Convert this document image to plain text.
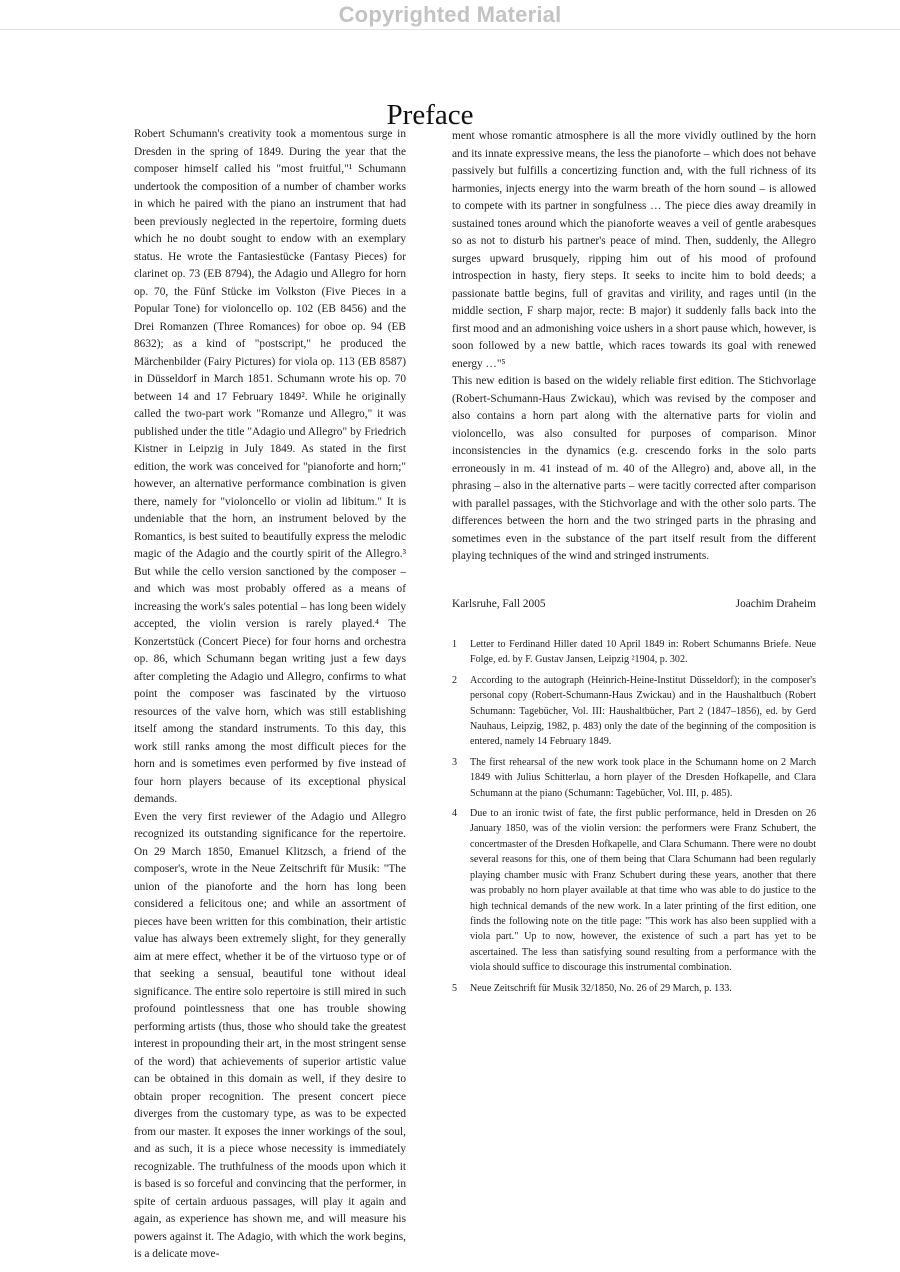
Copyrighted Material
Preface

Robert Schumann's creativity took a momentous surge in Dresden in the spring of 1849. During the year that the composer himself called his "most fruitful,"¹ Schumann undertook the composition of a number of chamber works in which he paired with the piano an instrument that had been previously neglected in the repertoire, forming duets which he no doubt sought to endow with an exemplary status. He wrote the Fantasiestücke (Fantasy Pieces) for clarinet op. 73 (EB 8794), the Adagio und Allegro for horn op. 70, the Fünf Stücke im Volkston (Five Pieces in a Popular Tone) for violoncello op. 102 (EB 8456) and the Drei Romanzen (Three Romances) for oboe op. 94 (EB 8632); as a kind of "postscript," he produced the Märchenbilder (Fairy Pictures) for viola op. 113 (EB 8587) in Düsseldorf in March 1851. Schumann wrote his op. 70 between 14 and 17 February 1849². While he originally called the two-part work "Romanze und Allegro," it was published under the title "Adagio und Allegro" by Friedrich Kistner in Leipzig in July 1849. As stated in the first edition, the work was conceived for "pianoforte and horn;" however, an alternative performance combination is given there, namely for "violoncello or violin ad libitum." It is undeniable that the horn, an instrument beloved by the Romantics, is best suited to beautifully express the melodic magic of the Adagio and the courtly spirit of the Allegro.³ But while the cello version sanctioned by the composer – and which was most probably offered as a means of increasing the work's sales potential – has long been widely accepted, the violin version is rarely played.⁴ The Konzertstück (Concert Piece) for four horns and orchestra op. 86, which Schumann began writing just a few days after completing the Adagio und Allegro, confirms to what point the composer was fascinated by the virtuoso resources of the valve horn, which was still establishing itself among the standard instruments. To this day, this work still ranks among the most difficult pieces for the horn and is sometimes even performed by five instead of four horn players because of its exceptional physical demands.

Even the very first reviewer of the Adagio und Allegro recognized its outstanding significance for the repertoire. On 29 March 1850, Emanuel Klitzsch, a friend of the composer's, wrote in the Neue Zeitschrift für Musik: "The union of the pianoforte and the horn has long been considered a felicitous one; and while an assortment of pieces have been written for this combination, their artistic value has always been extremely slight, for they generally aim at mere effect, whether it be of the virtuoso type or of that seeking a sensual, beautiful tone without ideal significance. The entire solo repertoire is still mired in such profound pointlessness that one has trouble showing performing artists (thus, those who should take the greatest interest in propounding their art, in the most stringent sense of the word) that achievements of superior artistic value can be obtained in this domain as well, if they desire to obtain proper recognition. The present concert piece diverges from the customary type, as was to be expected from our master. It exposes the inner workings of the soul, and as such, it is a piece whose necessity is immediately recognizable. The truthfulness of the moods upon which it is based is so forceful and convincing that the performer, in spite of certain arduous passages, will play it again and again, as experience has shown me, and will measure his powers against it. The Adagio, with which the work begins, is a delicate move-

ment whose romantic atmosphere is all the more vividly outlined by the horn and its innate expressive means, the less the pianoforte – which does not behave passively but fulfills a concertizing function and, with the full richness of its harmonies, injects energy into the warm breath of the horn sound – is allowed to compete with its partner in songfulness … The piece dies away dreamily in sustained tones around which the pianoforte weaves a veil of gentle arabesques so as not to disturb his partner's peace of mind. Then, suddenly, the Allegro surges upward brusquely, ripping him out of his mood of profound introspection in hasty, fiery steps. It seeks to incite him to bold deeds; a passionate battle begins, full of gravitas and virility, and rages until (in the middle section, F sharp major, recte: B major) it suddenly falls back into the first mood and an admonishing voice ushers in a short pause which, however, is soon followed by a new battle, which races towards its goal with renewed energy …"⁵

This new edition is based on the widely reliable first edition. The Stichvorlage (Robert-Schumann-Haus Zwickau), which was revised by the composer and also contains a horn part along with the alternative parts for violin and violoncello, was also consulted for purposes of comparison. Minor inconsistencies in the dynamics (e.g. crescendo forks in the solo parts erroneously in m. 41 instead of m. 40 of the Allegro) and, above all, in the phrasing – also in the alternative parts – were tacitly corrected after comparison with parallel passages, with the Stichvorlage and with the other solo parts. The differences between the horn and the two stringed parts in the phrasing and sometimes even in the substance of the part itself result from the different playing techniques of the wind and stringed instruments.

Karlsruhe, Fall 2005	Joachim Draheim
1	Letter to Ferdinand Hiller dated 10 April 1849 in: Robert Schumanns Briefe. Neue Folge, ed. by F. Gustav Jansen, Leipzig ²1904, p. 302.
2	According to the autograph (Heinrich-Heine-Institut Düsseldorf); in the composer's personal copy (Robert-Schumann-Haus Zwickau) and in the Haushaltbuch (Robert Schumann: Tagebücher, Vol. III: Haushaltbücher, Part 2 (1847–1856), ed. by Gerd Nauhaus, Leipzig, 1982, p. 483) only the date of the beginning of the composition is entered, namely 14 February 1849.
3	The first rehearsal of the new work took place in the Schumann home on 2 March 1849 with Julius Schitterlau, a horn player of the Dresden Hofkapelle, and Clara Schumann at the piano (Schumann: Tagebücher, Vol. III, p. 485).
4	Due to an ironic twist of fate, the first public performance, held in Dresden on 26 January 1850, was of the violin version: the performers were Franz Schubert, the concertmaster of the Dresden Hofkapelle, and Clara Schumann. There were no doubt several reasons for this, one of them being that Clara Schumann had been regularly playing chamber music with Franz Schubert during these years, another that there was probably no horn player available at that time who was able to do justice to the high technical demands of the new work. In a later printing of the first edition, one finds the following note on the title page: "This work has also been supplied with a viola part." Up to now, however, the existence of such a part has yet to be ascertained. The less than satisfying sound resulting from a performance with the viola should suffice to discourage this instrumental combination.
5	Neue Zeitschrift für Musik 32/1850, No. 26 of 29 March, p. 133.
